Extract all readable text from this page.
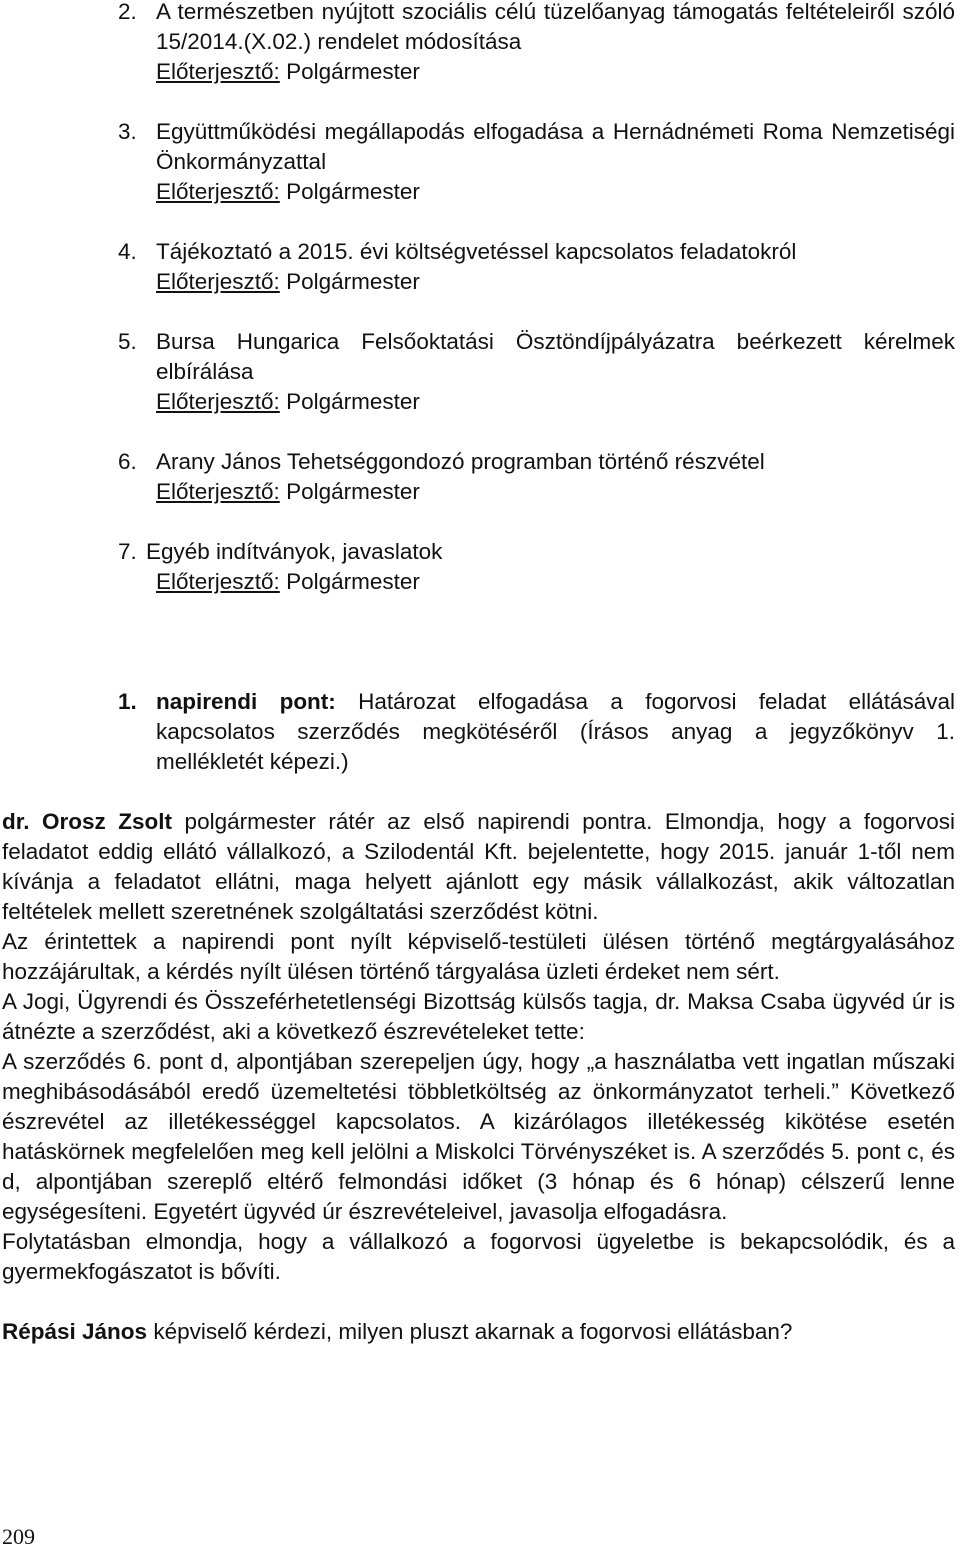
2. A természetben nyújtott szociális célú tüzelőanyag támogatás feltételeiről szóló 15/2014.(X.02.) rendelet módosítása
Előterjesztő: Polgármester
3. Együttműködési megállapodás elfogadása a Hernádnémeti Roma Nemzetiségi Önkormányzattal
Előterjesztő: Polgármester
4. Tájékoztató a 2015. évi költségvetéssel kapcsolatos feladatokról
Előterjesztő: Polgármester
5. Bursa Hungarica Felsőoktatási Ösztöndíjpályázatra beérkezett kérelmek elbírálása
Előterjesztő: Polgármester
6. Arany János Tehetséggondozó programban történő részvétel
Előterjesztő: Polgármester
7. Egyéb indítványok, javaslatok
Előterjesztő: Polgármester
1. napirendi pont: Határozat elfogadása a fogorvosi feladat ellátásával kapcsolatos szerződés megkötéséről (Írásos anyag a jegyzőkönyv 1. mellékletét képezi.)

dr. Orosz Zsolt polgármester rátér az első napirendi pontra. Elmondja, hogy a fogorvosi feladatot eddig ellátó vállalkozó, a Szilodentál Kft. bejelentette, hogy 2015. január 1-től nem kívánja a feladatot ellátni, maga helyett ajánlott egy másik vállalkozást, akik változatlan feltételek mellett szeretnének szolgáltatási szerződést kötni.

Az érintettek a napirendi pont nyílt képviselő-testületi ülésen történő megtárgyalásához hozzájárultak, a kérdés nyílt ülésen történő tárgyalása üzleti érdeket nem sért.

A Jogi, Ügyrendi és Összeférhetetlenségi Bizottság külsős tagja, dr. Maksa Csaba ügyvéd úr is átnézte a szerződést, aki a következő észrevételeket tette:

A szerződés 6. pont d, alpontjában szerepeljen úgy, hogy „a használatba vett ingatlan műszaki meghibásodásából eredő üzemeltetési többletköltség az önkormányzatot terheli.” Következő észrevétel az illetékességgel kapcsolatos. A kizárólagos illetékesség kikötése esetén hatáskörnek megfelelően meg kell jelölni a Miskolci Törvényszéket is. A szerződés 5. pont c, és d, alpontjában szereplő eltérő felmondási időket (3 hónap és 6 hónap) célszerű lenne egységesíteni. Egyetért ügyvéd úr észrevételeivel, javasolja elfogadásra.

Folytatásban elmondja, hogy a vállalkozó a fogorvosi ügyeletbe is bekapcsolódik, és a gyermekfogászatot is bővíti.

Répási János képviselő kérdezi, milyen pluszt akarnak a fogorvosi ellátásban?

209
